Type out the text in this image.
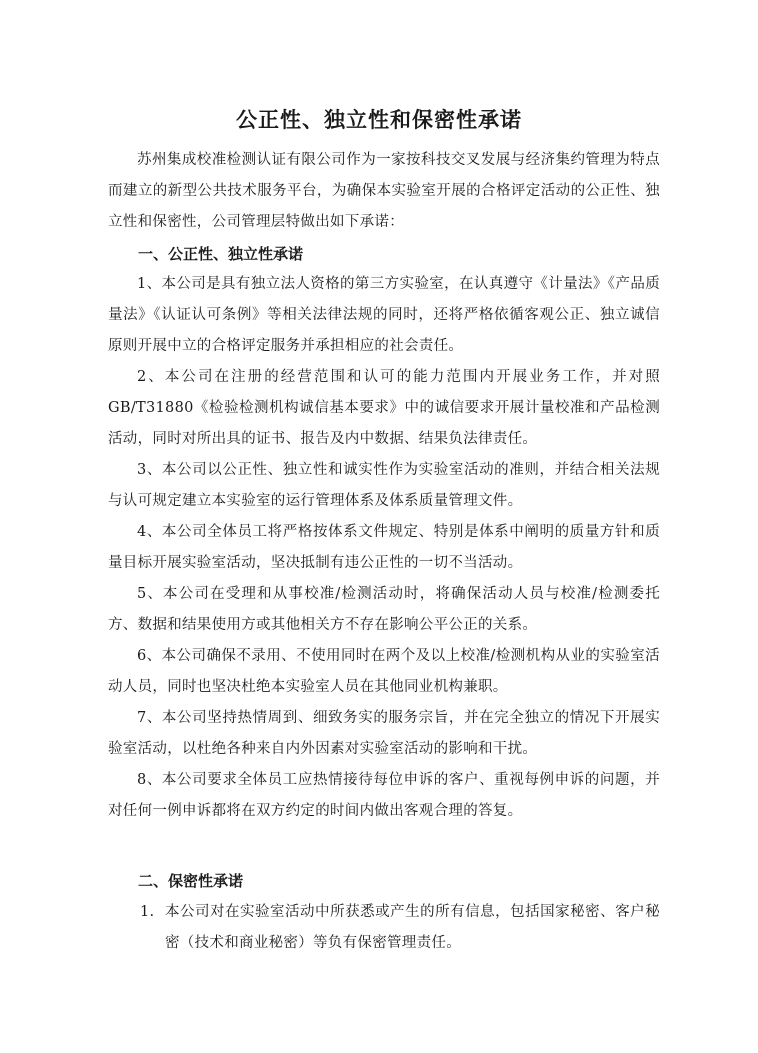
公正性、独立性和保密性承诺

苏州集成校准检测认证有限公司作为一家按科技交叉发展与经济集约管理为特点而建立的新型公共技术服务平台，为确保本实验室开展的合格评定活动的公正性、独立性和保密性，公司管理层特做出如下承诺：

一、公正性、独立性承诺

1、本公司是具有独立法人资格的第三方实验室，在认真遵守《计量法》《产品质量法》《认证认可条例》等相关法律法规的同时，还将严格依循客观公正、独立诚信原则开展中立的合格评定服务并承担相应的社会责任。

2、本公司在注册的经营范围和认可的能力范围内开展业务工作，并对照GB/T31880《检验检测机构诚信基本要求》中的诚信要求开展计量校准和产品检测活动，同时对所出具的证书、报告及内中数据、结果负法律责任。

3、本公司以公正性、独立性和诚实性作为实验室活动的准则，并结合相关法规与认可规定建立本实验室的运行管理体系及体系质量管理文件。

4、本公司全体员工将严格按体系文件规定、特别是体系中阐明的质量方针和质量目标开展实验室活动，坚决抵制有违公正性的一切不当活动。

5、本公司在受理和从事校准/检测活动时，将确保活动人员与校准/检测委托方、数据和结果使用方或其他相关方不存在影响公平公正的关系。

6、本公司确保不录用、不使用同时在两个及以上校准/检测机构从业的实验室活动人员，同时也坚决杜绝本实验室人员在其他同业机构兼职。

7、本公司坚持热情周到、细致务实的服务宗旨，并在完全独立的情况下开展实验室活动，以杜绝各种来自内外因素对实验室活动的影响和干扰。

8、本公司要求全体员工应热情接待每位申诉的客户、重视每例申诉的问题，并对任何一例申诉都将在双方约定的时间内做出客观合理的答复。

二、保密性承诺
1. 本公司对在实验室活动中所获悉或产生的所有信息，包括国家秘密、客户秘密（技术和商业秘密）等负有保密管理责任。
